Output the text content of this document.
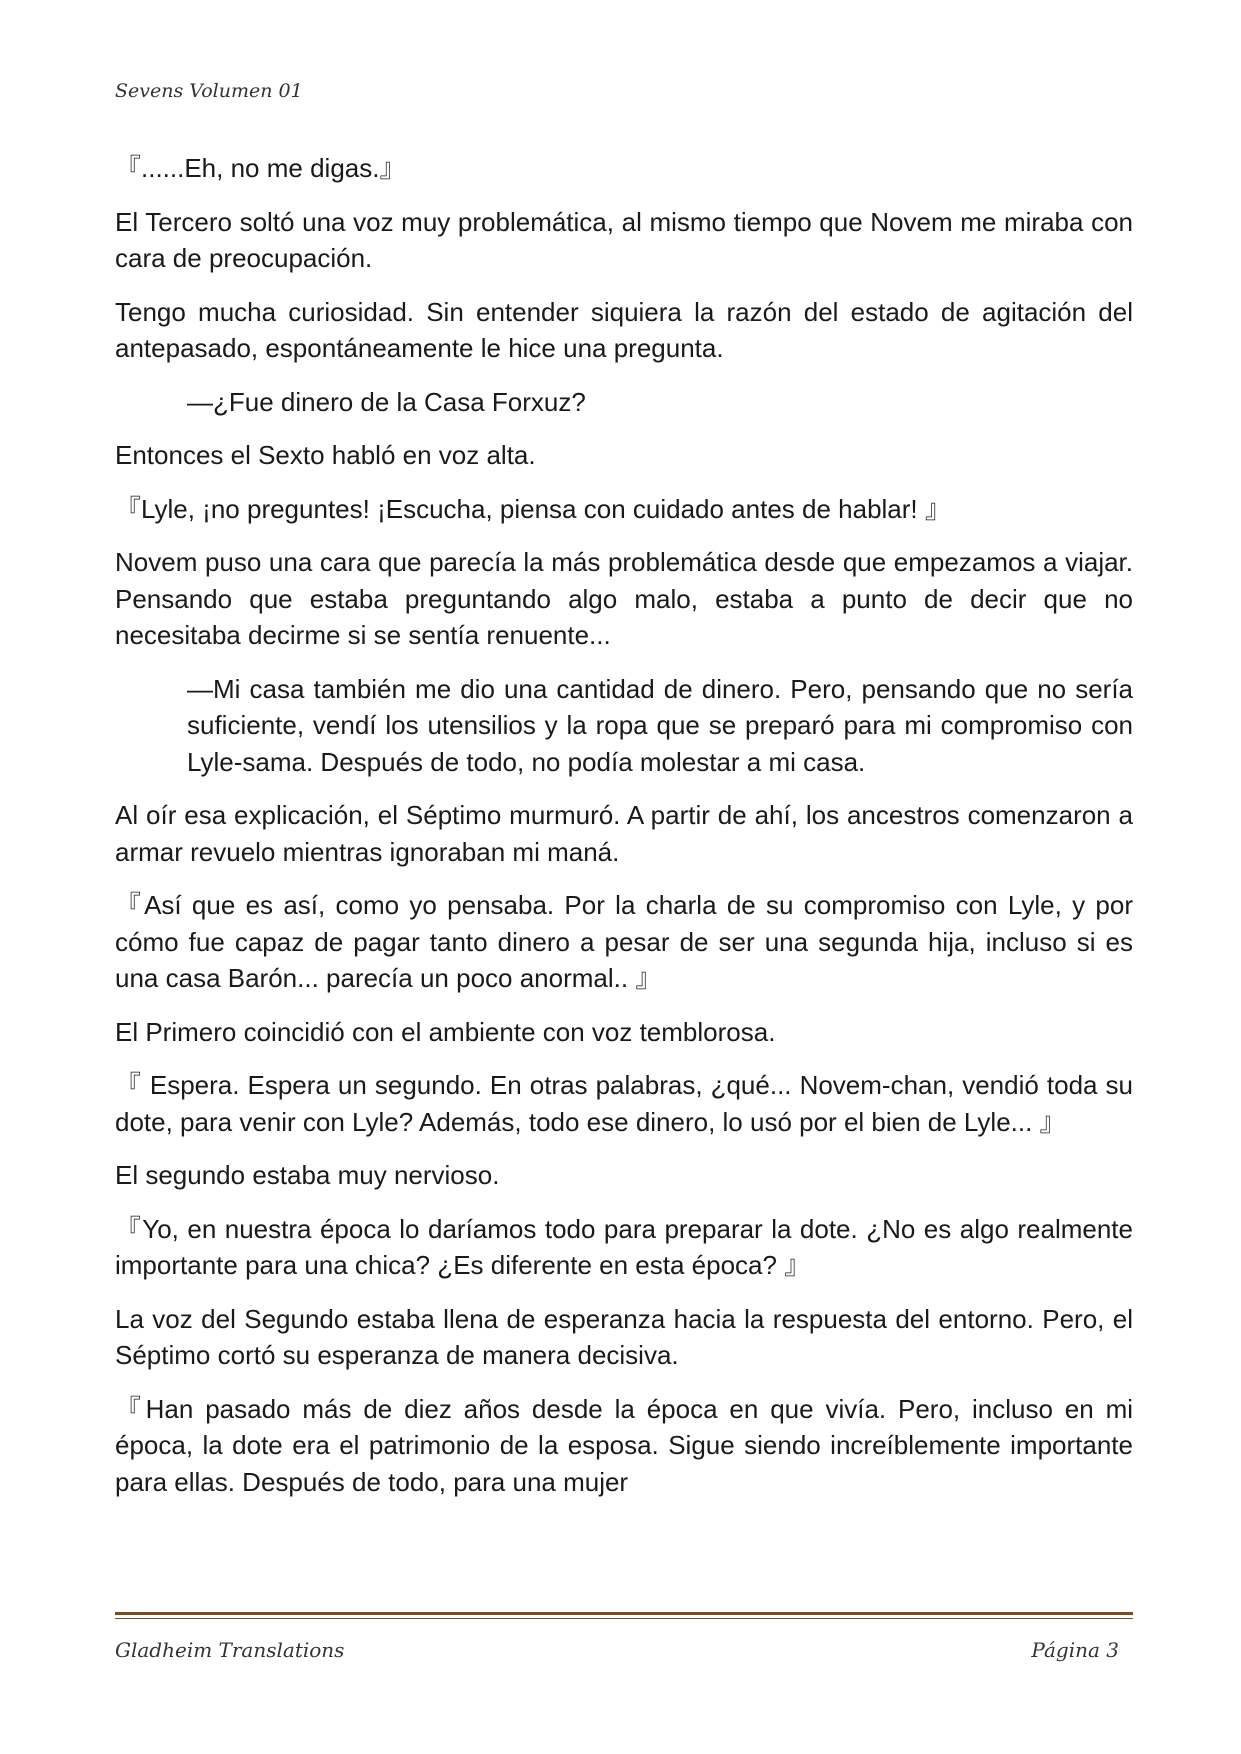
Sevens Volumen 01

『......Eh, no me digas.』

El Tercero soltó una voz muy problemática, al mismo tiempo que Novem me miraba con cara de preocupación.

Tengo mucha curiosidad. Sin entender siquiera la razón del estado de agitación del antepasado, espontáneamente le hice una pregunta.

—¿Fue dinero de la Casa Forxuz?

Entonces el Sexto habló en voz alta.

『Lyle, ¡no preguntes! ¡Escucha, piensa con cuidado antes de hablar! 』

Novem puso una cara que parecía la más problemática desde que empezamos a viajar. Pensando que estaba preguntando algo malo, estaba a punto de decir que no necesitaba decirme si se sentía renuente...

—Mi casa también me dio una cantidad de dinero. Pero, pensando que no sería suficiente, vendí los utensilios y la ropa que se preparó para mi compromiso con Lyle-sama. Después de todo, no podía molestar a mi casa.

Al oír esa explicación, el Séptimo murmuró. A partir de ahí, los ancestros comenzaron a armar revuelo mientras ignoraban mi maná.

『Así que es así, como yo pensaba. Por la charla de su compromiso con Lyle, y por cómo fue capaz de pagar tanto dinero a pesar de ser una segunda hija, incluso si es una casa Barón... parecía un poco anormal.. 』

El Primero coincidió con el ambiente con voz temblorosa.

『 Espera. Espera un segundo. En otras palabras, ¿qué... Novem-chan, vendió toda su dote, para venir con Lyle? Además, todo ese dinero, lo usó por el bien de Lyle... 』

El segundo estaba muy nervioso.

『Yo, en nuestra época lo daríamos todo para preparar la dote. ¿No es algo realmente importante para una chica? ¿Es diferente en esta época? 』

La voz del Segundo estaba llena de esperanza hacia la respuesta del entorno. Pero, el Séptimo cortó su esperanza de manera decisiva.

『Han pasado más de diez años desde la época en que vivía. Pero, incluso en mi época, la dote era el patrimonio de la esposa. Sigue siendo increíblemente importante para ellas. Después de todo, para una mujer

Gladheim Translations	Página 3
